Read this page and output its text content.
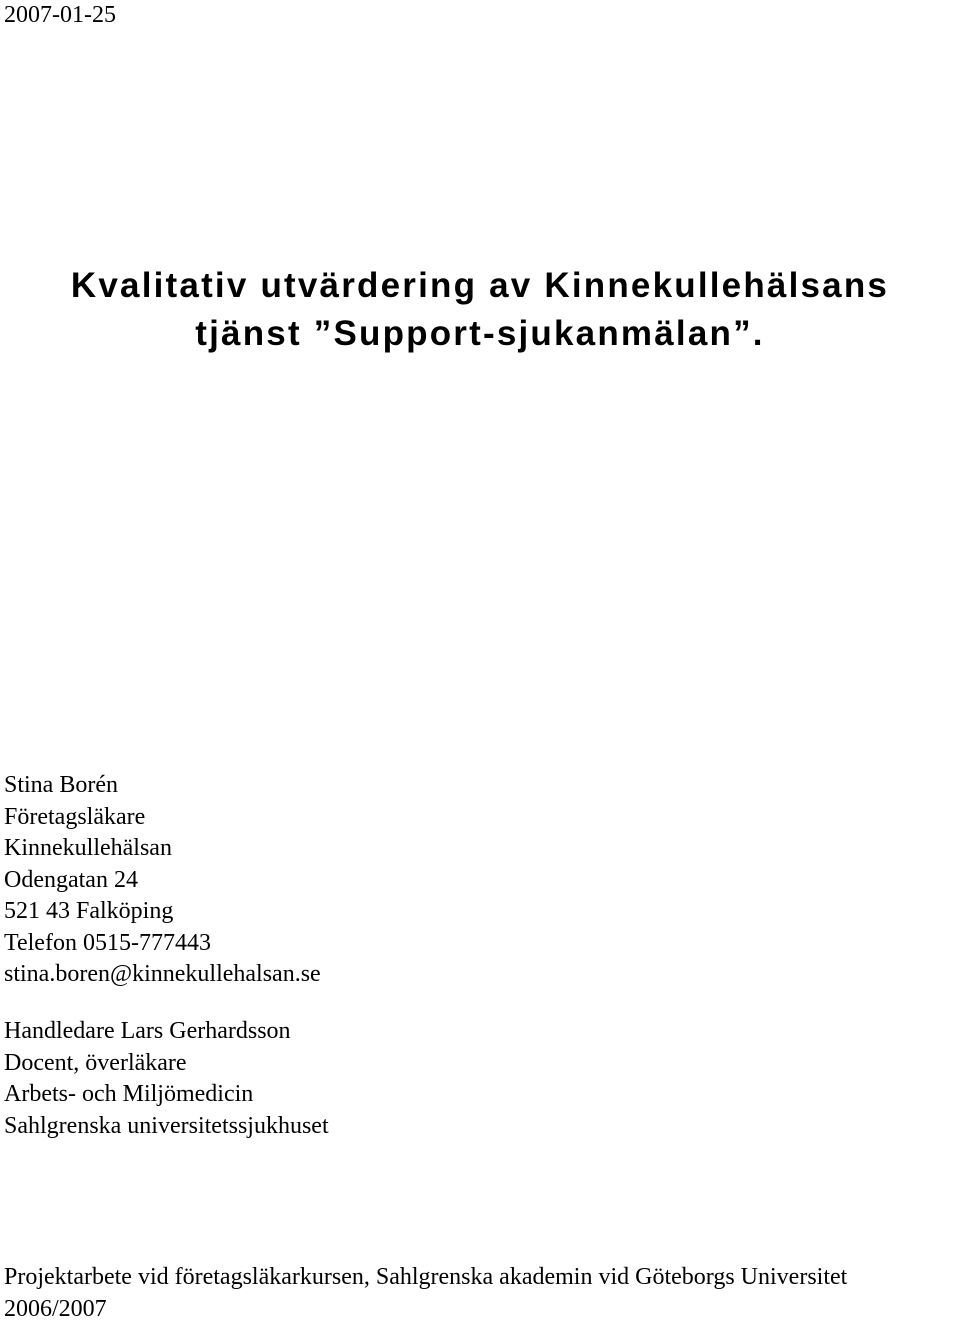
2007-01-25
Kvalitativ utvärdering av Kinnekullehälsans
tjänst ”Support-sjukanmälan”.
Stina Borén
Företagsläkare
Kinnekullehälsan
Odengatan 24
521 43 Falköping
Telefon 0515-777443
stina.boren@kinnekullehalsan.se
Handledare Lars Gerhardsson
Docent, överläkare
Arbets- och Miljömedicin
Sahlgrenska universitetssjukhuset
Projektarbete vid företagsläkarkursen, Sahlgrenska akademin vid Göteborgs Universitet
2006/2007
